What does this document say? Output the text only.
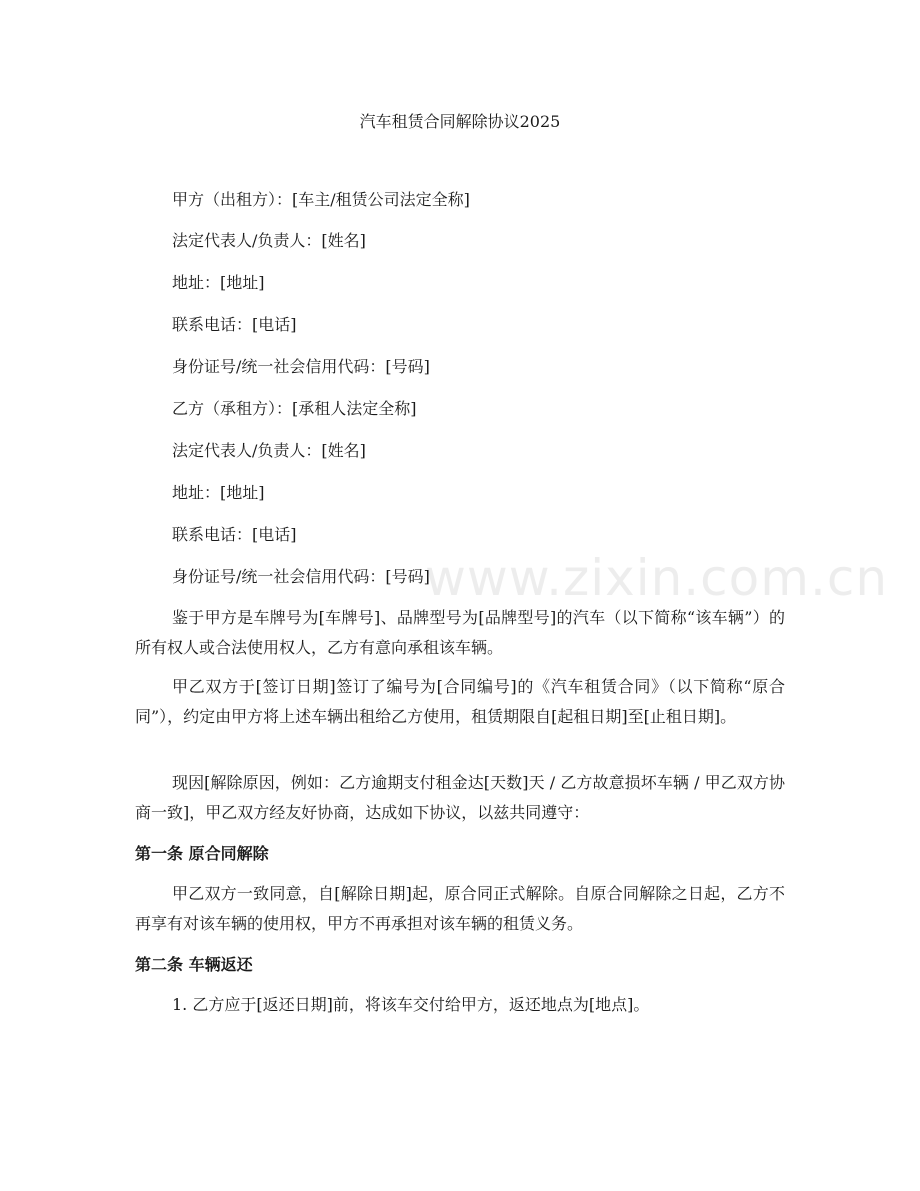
www.zixin.com.cn
汽车租赁合同解除协议2025
甲方（出租方）：[车主/租赁公司法定全称]
法定代表人/负责人：[姓名]
地址：[地址]
联系电话：[电话]
身份证号/统一社会信用代码：[号码]
乙方（承租方）：[承租人法定全称]
法定代表人/负责人：[姓名]
地址：[地址]
联系电话：[电话]
身份证号/统一社会信用代码：[号码]
鉴于甲方是车牌号为[车牌号]、品牌型号为[品牌型号]的汽车（以下简称“该车辆”）的所有权人或合法使用权人，乙方有意向承租该车辆。
甲乙双方于[签订日期]签订了编号为[合同编号]的《汽车租赁合同》（以下简称“原合同”），约定由甲方将上述车辆出租给乙方使用，租赁期限自[起租日期]至[止租日期]。
现因[解除原因，例如：乙方逾期支付租金达[天数]天 / 乙方故意损坏车辆 / 甲乙双方协商一致]，甲乙双方经友好协商，达成如下协议，以兹共同遵守：
第一条 原合同解除
甲乙双方一致同意，自[解除日期]起，原合同正式解除。自原合同解除之日起，乙方不再享有对该车辆的使用权，甲方不再承担对该车辆的租赁义务。
第二条 车辆返还
1. 乙方应于[返还日期]前，将该车交付给甲方，返还地点为[地点]。
